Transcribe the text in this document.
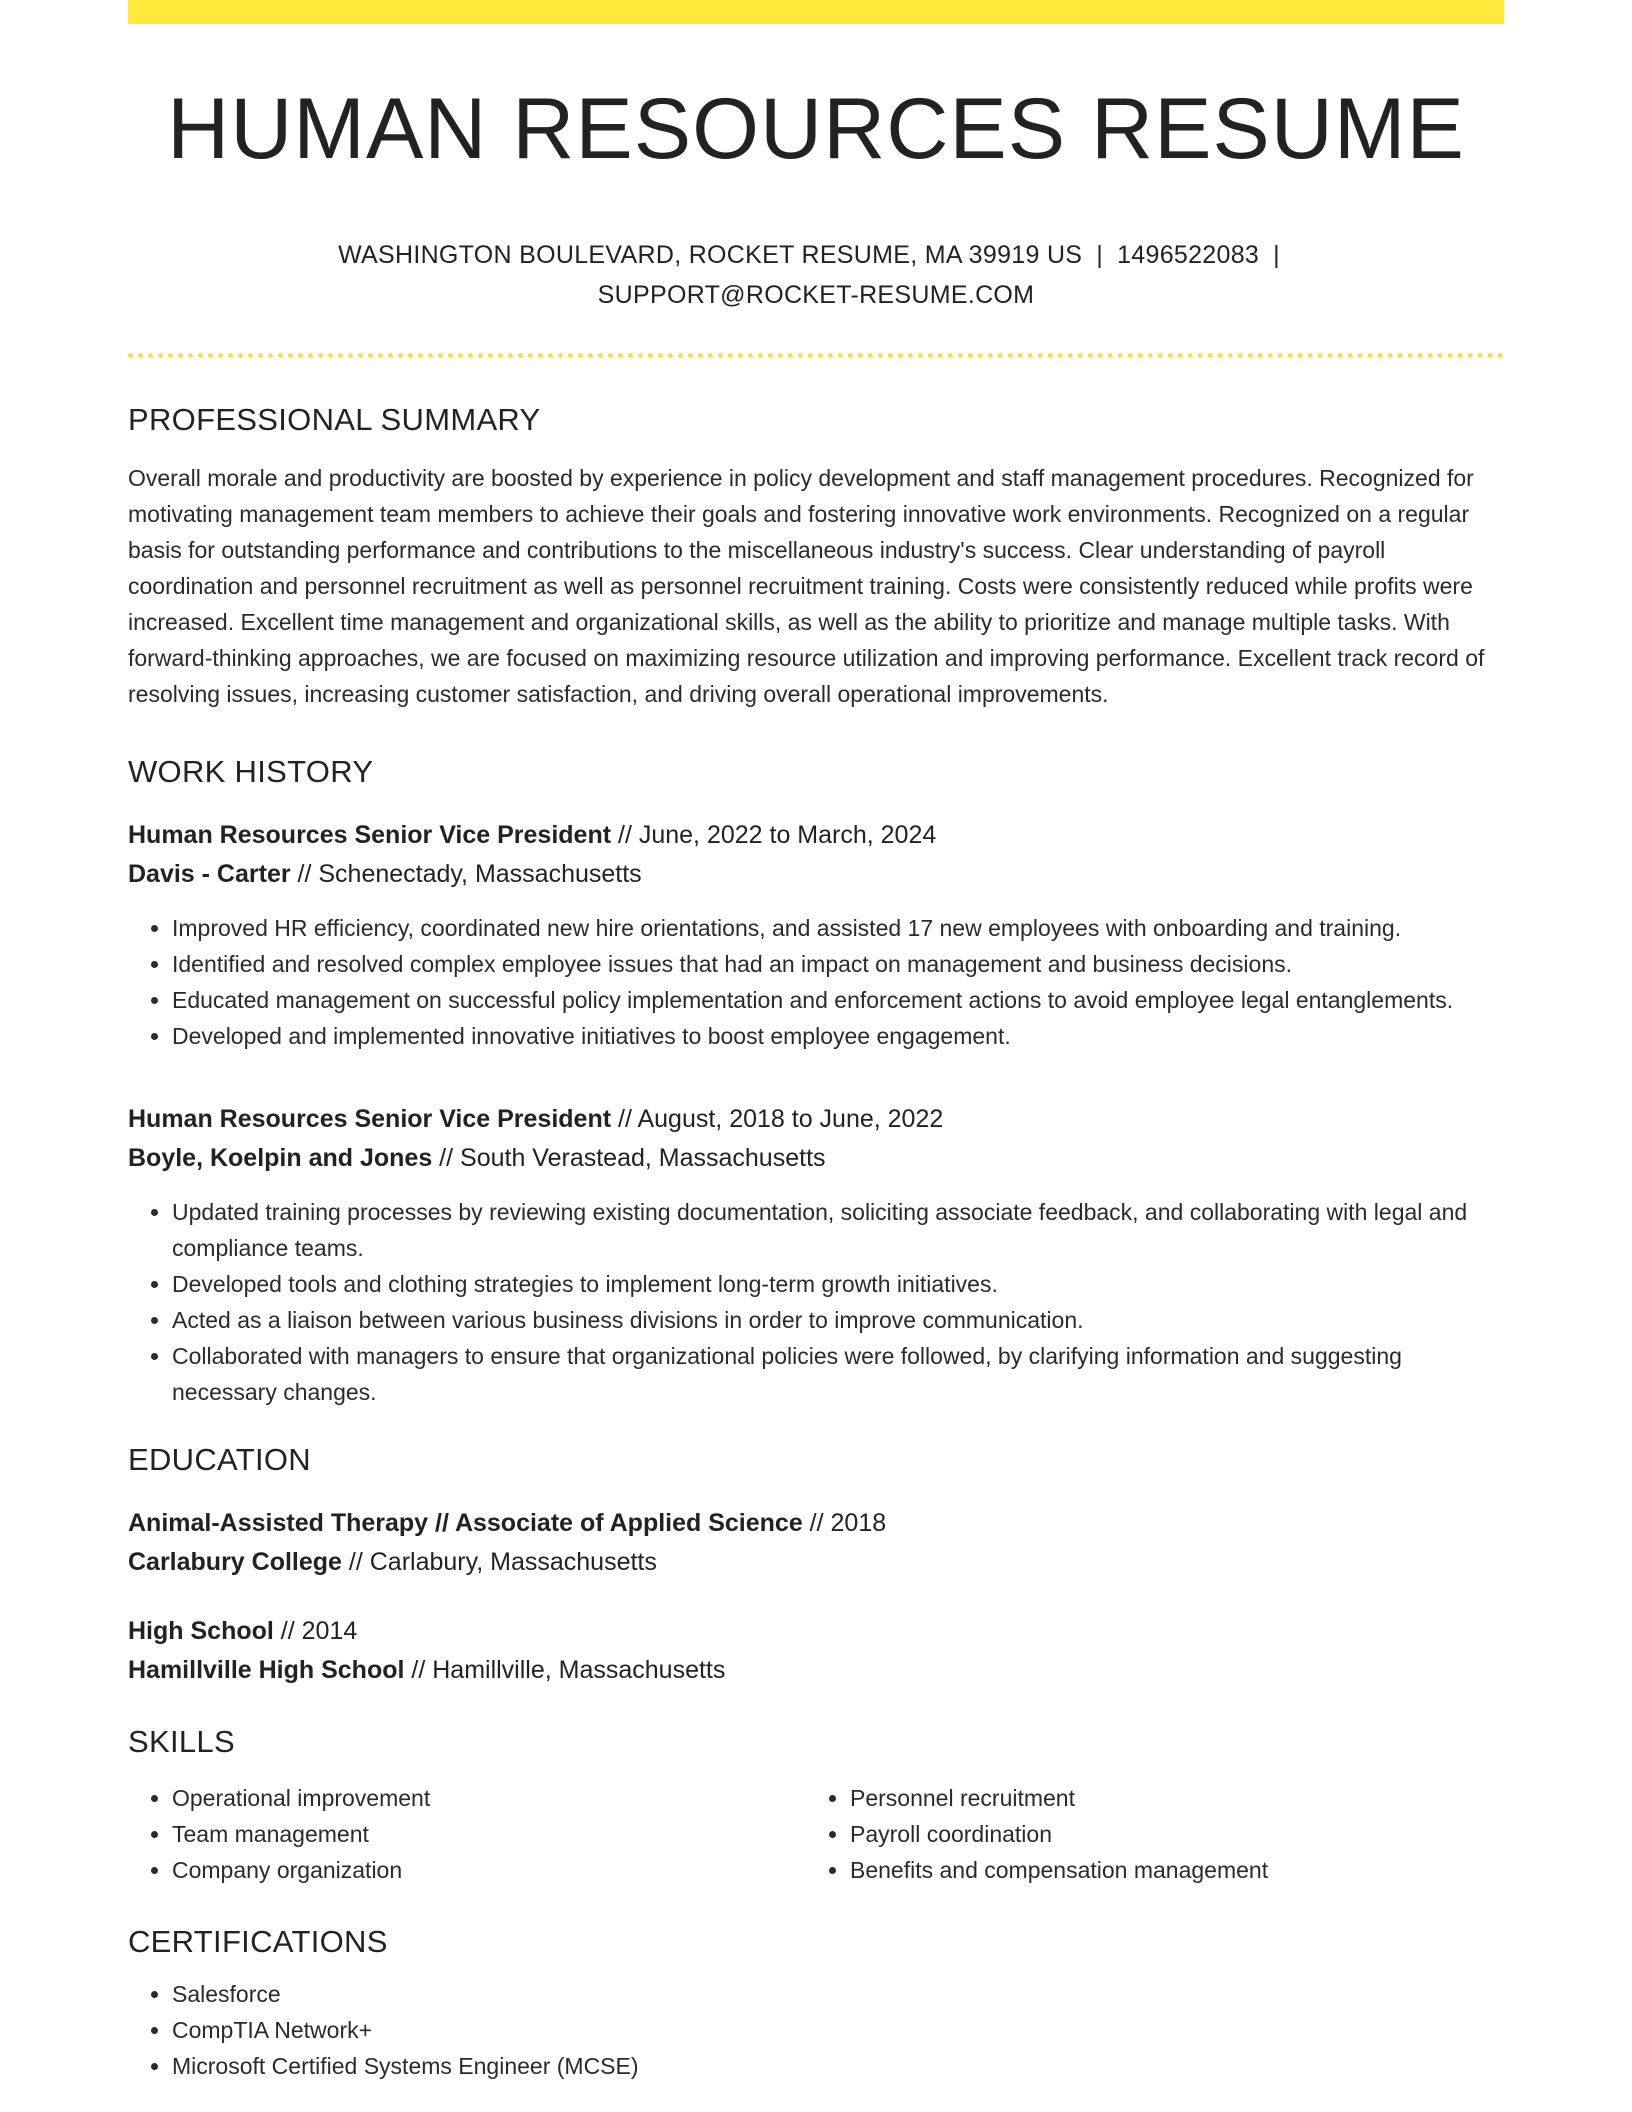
HUMAN RESOURCES RESUME
WASHINGTON BOULEVARD, ROCKET RESUME, MA 39919 US | 1496522083 |
SUPPORT@ROCKET-RESUME.COM
PROFESSIONAL SUMMARY
Overall morale and productivity are boosted by experience in policy development and staff management procedures. Recognized for motivating management team members to achieve their goals and fostering innovative work environments. Recognized on a regular basis for outstanding performance and contributions to the miscellaneous industry's success. Clear understanding of payroll coordination and personnel recruitment as well as personnel recruitment training. Costs were consistently reduced while profits were increased. Excellent time management and organizational skills, as well as the ability to prioritize and manage multiple tasks. With forward-thinking approaches, we are focused on maximizing resource utilization and improving performance. Excellent track record of resolving issues, increasing customer satisfaction, and driving overall operational improvements.
WORK HISTORY
Human Resources Senior Vice President // June, 2022 to March, 2024
Davis - Carter // Schenectady, Massachusetts
• Improved HR efficiency, coordinated new hire orientations, and assisted 17 new employees with onboarding and training.
• Identified and resolved complex employee issues that had an impact on management and business decisions.
• Educated management on successful policy implementation and enforcement actions to avoid employee legal entanglements.
• Developed and implemented innovative initiatives to boost employee engagement.
Human Resources Senior Vice President // August, 2018 to June, 2022
Boyle, Koelpin and Jones // South Verastead, Massachusetts
• Updated training processes by reviewing existing documentation, soliciting associate feedback, and collaborating with legal and compliance teams.
• Developed tools and clothing strategies to implement long-term growth initiatives.
• Acted as a liaison between various business divisions in order to improve communication.
• Collaborated with managers to ensure that organizational policies were followed, by clarifying information and suggesting necessary changes.
EDUCATION
Animal-Assisted Therapy // Associate of Applied Science // 2018
Carlabury College // Carlabury, Massachusetts
High School // 2014
Hamillville High School // Hamillville, Massachusetts
SKILLS
• Operational improvement
• Team management
• Company organization
• Personnel recruitment
• Payroll coordination
• Benefits and compensation management
CERTIFICATIONS
• Salesforce
• CompTIA Network+
• Microsoft Certified Systems Engineer (MCSE)
